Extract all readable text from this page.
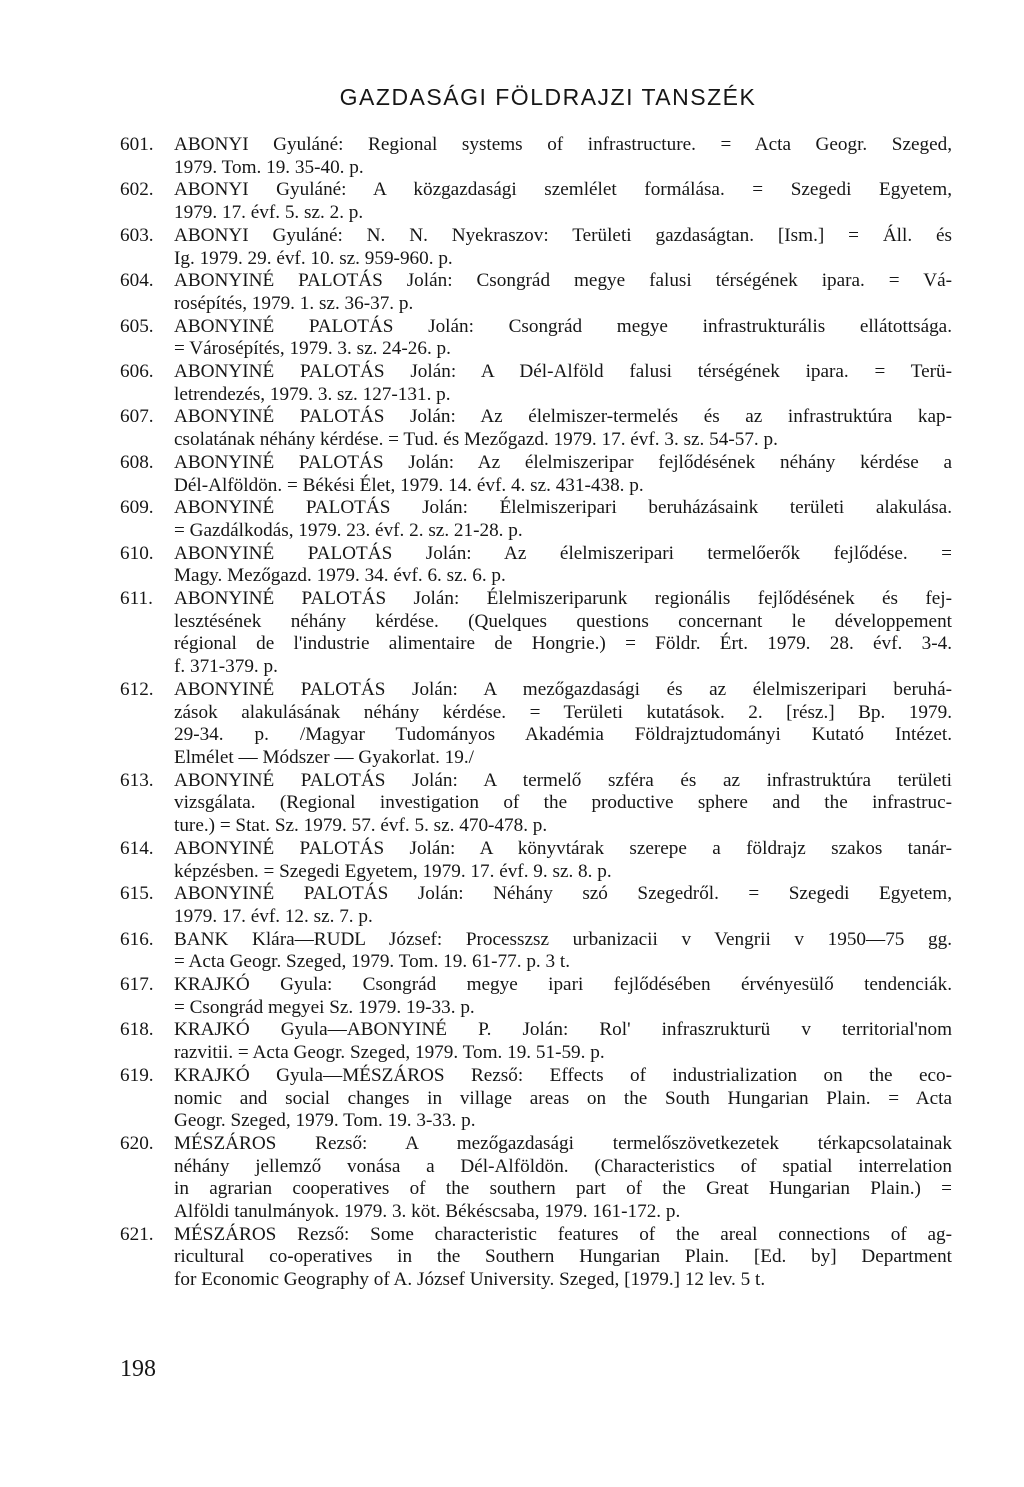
GAZDASÁGI FÖLDRAJZI TANSZÉK
601.	ABONYI Gyuláné: Regional systems of infrastructure. = Acta Geogr. Szeged,
1979. Tom. 19. 35-40. p.
602.	ABONYI Gyuláné: A közgazdasági szemlélet formálása. = Szegedi Egyetem,
1979. 17. évf. 5. sz. 2. p.
603.	ABONYI Gyuláné: N. N. Nyekraszov: Területi gazdaságtan. [Ism.] = Áll. és
Ig. 1979. 29. évf. 10. sz. 959-960. p.
604.	ABONYINÉ PALOTÁS Jolán: Csongrád megye falusi térségének ipara. = Vá-
rosépítés, 1979. 1. sz. 36-37. p.
605.	ABONYINÉ PALOTÁS Jolán: Csongrád megye infrastrukturális ellátottsága.
= Városépítés, 1979. 3. sz. 24-26. p.
606.	ABONYINÉ PALOTÁS Jolán: A Dél-Alföld falusi térségének ipara. = Terü-
letrendezés, 1979. 3. sz. 127-131. p.
607.	ABONYINÉ PALOTÁS Jolán: Az élelmiszer-termelés és az infrastruktúra kap-
csolatának néhány kérdése. = Tud. és Mezőgazd. 1979. 17. évf. 3. sz. 54-57. p.
608.	ABONYINÉ PALOTÁS Jolán: Az élelmiszeripar fejlődésének néhány kérdése a
Dél-Alföldön. = Békési Élet, 1979. 14. évf. 4. sz. 431-438. p.
609.	ABONYINÉ PALOTÁS Jolán: Élelmiszeripari beruházásaink területi alakulása.
= Gazdálkodás, 1979. 23. évf. 2. sz. 21-28. p.
610.	ABONYINÉ PALOTÁS Jolán: Az élelmiszeripari termelőerők fejlődése. =
Magy. Mezőgazd. 1979. 34. évf. 6. sz. 6. p.
611.	ABONYINÉ PALOTÁS Jolán: Élelmiszeriparunk regionális fejlődésének és fej-
lesztésének néhány kérdése. (Quelques questions concernant le développement
régional de l'industrie alimentaire de Hongrie.) = Földr. Ért. 1979. 28. évf. 3-4.
f. 371-379. p.
612.	ABONYINÉ PALOTÁS Jolán: A mezőgazdasági és az élelmiszeripari beruhá-
zások alakulásának néhány kérdése. = Területi kutatások. 2. [rész.] Bp. 1979.
29-34. p. /Magyar Tudományos Akadémia Földrajztudományi Kutató Intézet.
Elmélet — Módszer — Gyakorlat. 19./
613.	ABONYINÉ PALOTÁS Jolán: A termelő szféra és az infrastruktúra területi
vizsgálata. (Regional investigation of the productive sphere and the infrastruc-
ture.) = Stat. Sz. 1979. 57. évf. 5. sz. 470-478. p.
614.	ABONYINÉ PALOTÁS Jolán: A könyvtárak szerepe a földrajz szakos tanár-
képzésben. = Szegedi Egyetem, 1979. 17. évf. 9. sz. 8. p.
615.	ABONYINÉ PALOTÁS Jolán: Néhány szó Szegedről. = Szegedi Egyetem,
1979. 17. évf. 12. sz. 7. p.
616.	BANK Klára—RUDL József: Processzsz urbanizacii v Vengrii v 1950—75 gg.
= Acta Geogr. Szeged, 1979. Tom. 19. 61-77. p. 3 t.
617.	KRAJKÓ Gyula: Csongrád megye ipari fejlődésében érvényesülő tendenciák.
= Csongrád megyei Sz. 1979. 19-33. p.
618.	KRAJKÓ Gyula—ABONYINÉ P. Jolán: Rol' infraszrukturü v territorial'nom
razvitii. = Acta Geogr. Szeged, 1979. Tom. 19. 51-59. p.
619.	KRAJKÓ Gyula—MÉSZÁROS Rezső: Effects of industrialization on the eco-
nomic and social changes in village areas on the South Hungarian Plain. = Acta
Geogr. Szeged, 1979. Tom. 19. 3-33. p.
620.	MÉSZÁROS Rezső: A mezőgazdasági termelőszövetkezetek térkapcsolatainak
néhány jellemző vonása a Dél-Alföldön. (Characteristics of spatial interrelation
in agrarian cooperatives of the southern part of the Great Hungarian Plain.) =
Alföldi tanulmányok. 1979. 3. köt. Békéscsaba, 1979. 161-172. p.
621.	MÉSZÁROS Rezső: Some characteristic features of the areal connections of ag-
ricultural co-operatives in the Southern Hungarian Plain. [Ed. by] Department
for Economic Geography of A. József University. Szeged, [1979.] 12 lev. 5 t.
198
